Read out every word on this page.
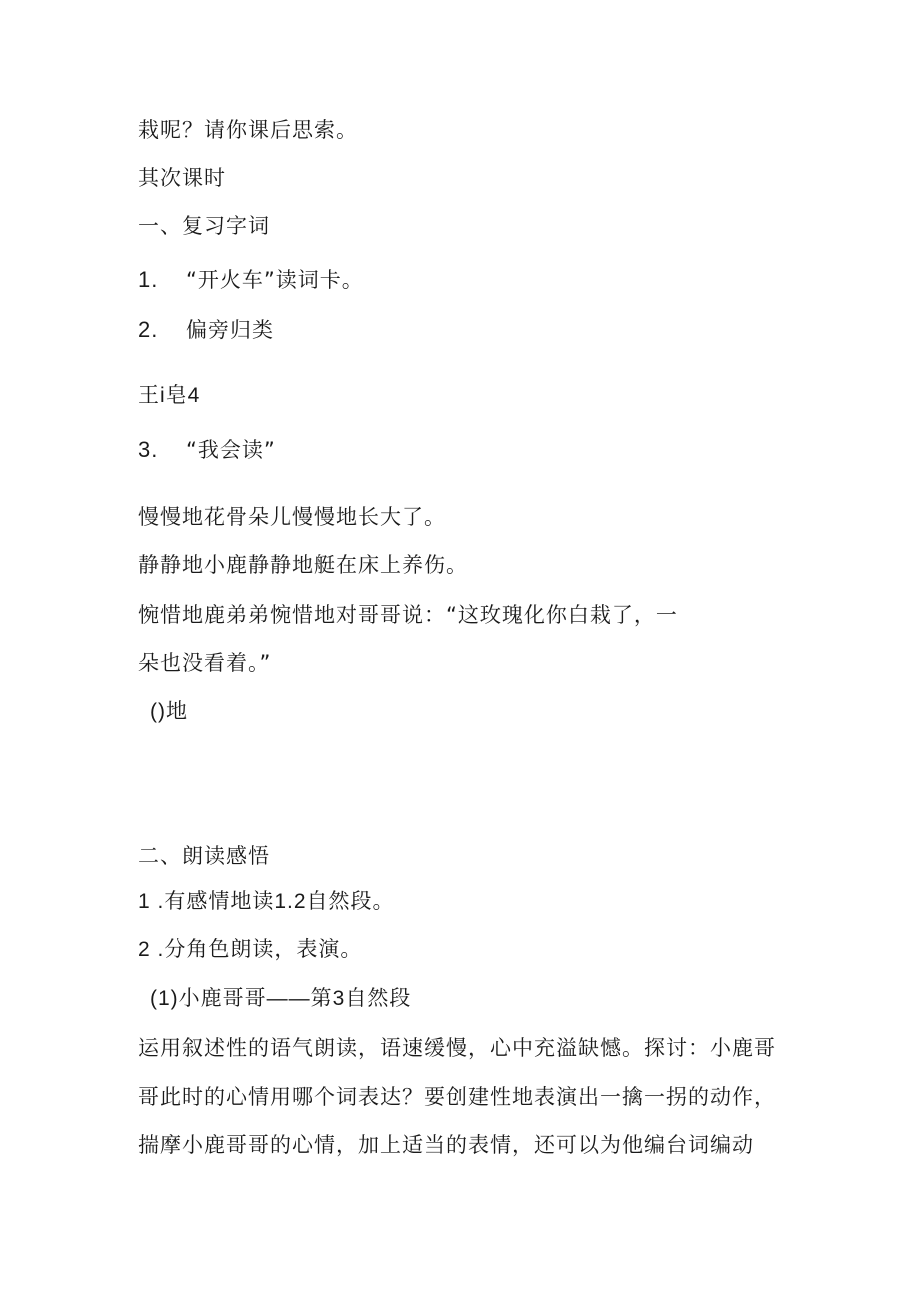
栽呢？请你课后思索。
其次课时
一、复习字词
1. “开火车”读词卡。
2. 偏旁归类
王i皂4
3. “我会读”
慢慢地花骨朵儿慢慢地长大了。
静静地小鹿静静地艇在床上养伤。
惋惜地鹿弟弟惋惜地对哥哥说：“这玫瑰化你白栽了，一
朵也没看着。”
()地
二、朗读感悟
1 .有感情地读1.2自然段。
2 .分角色朗读，表演。
(1)小鹿哥哥——第3自然段
运用叙述性的语气朗读，语速缓慢，心中充溢缺憾。探讨：小鹿哥
哥此时的心情用哪个词表达？要创建性地表演出一擒一拐的动作，
揣摩小鹿哥哥的心情，加上适当的表情，还可以为他编台词编动
